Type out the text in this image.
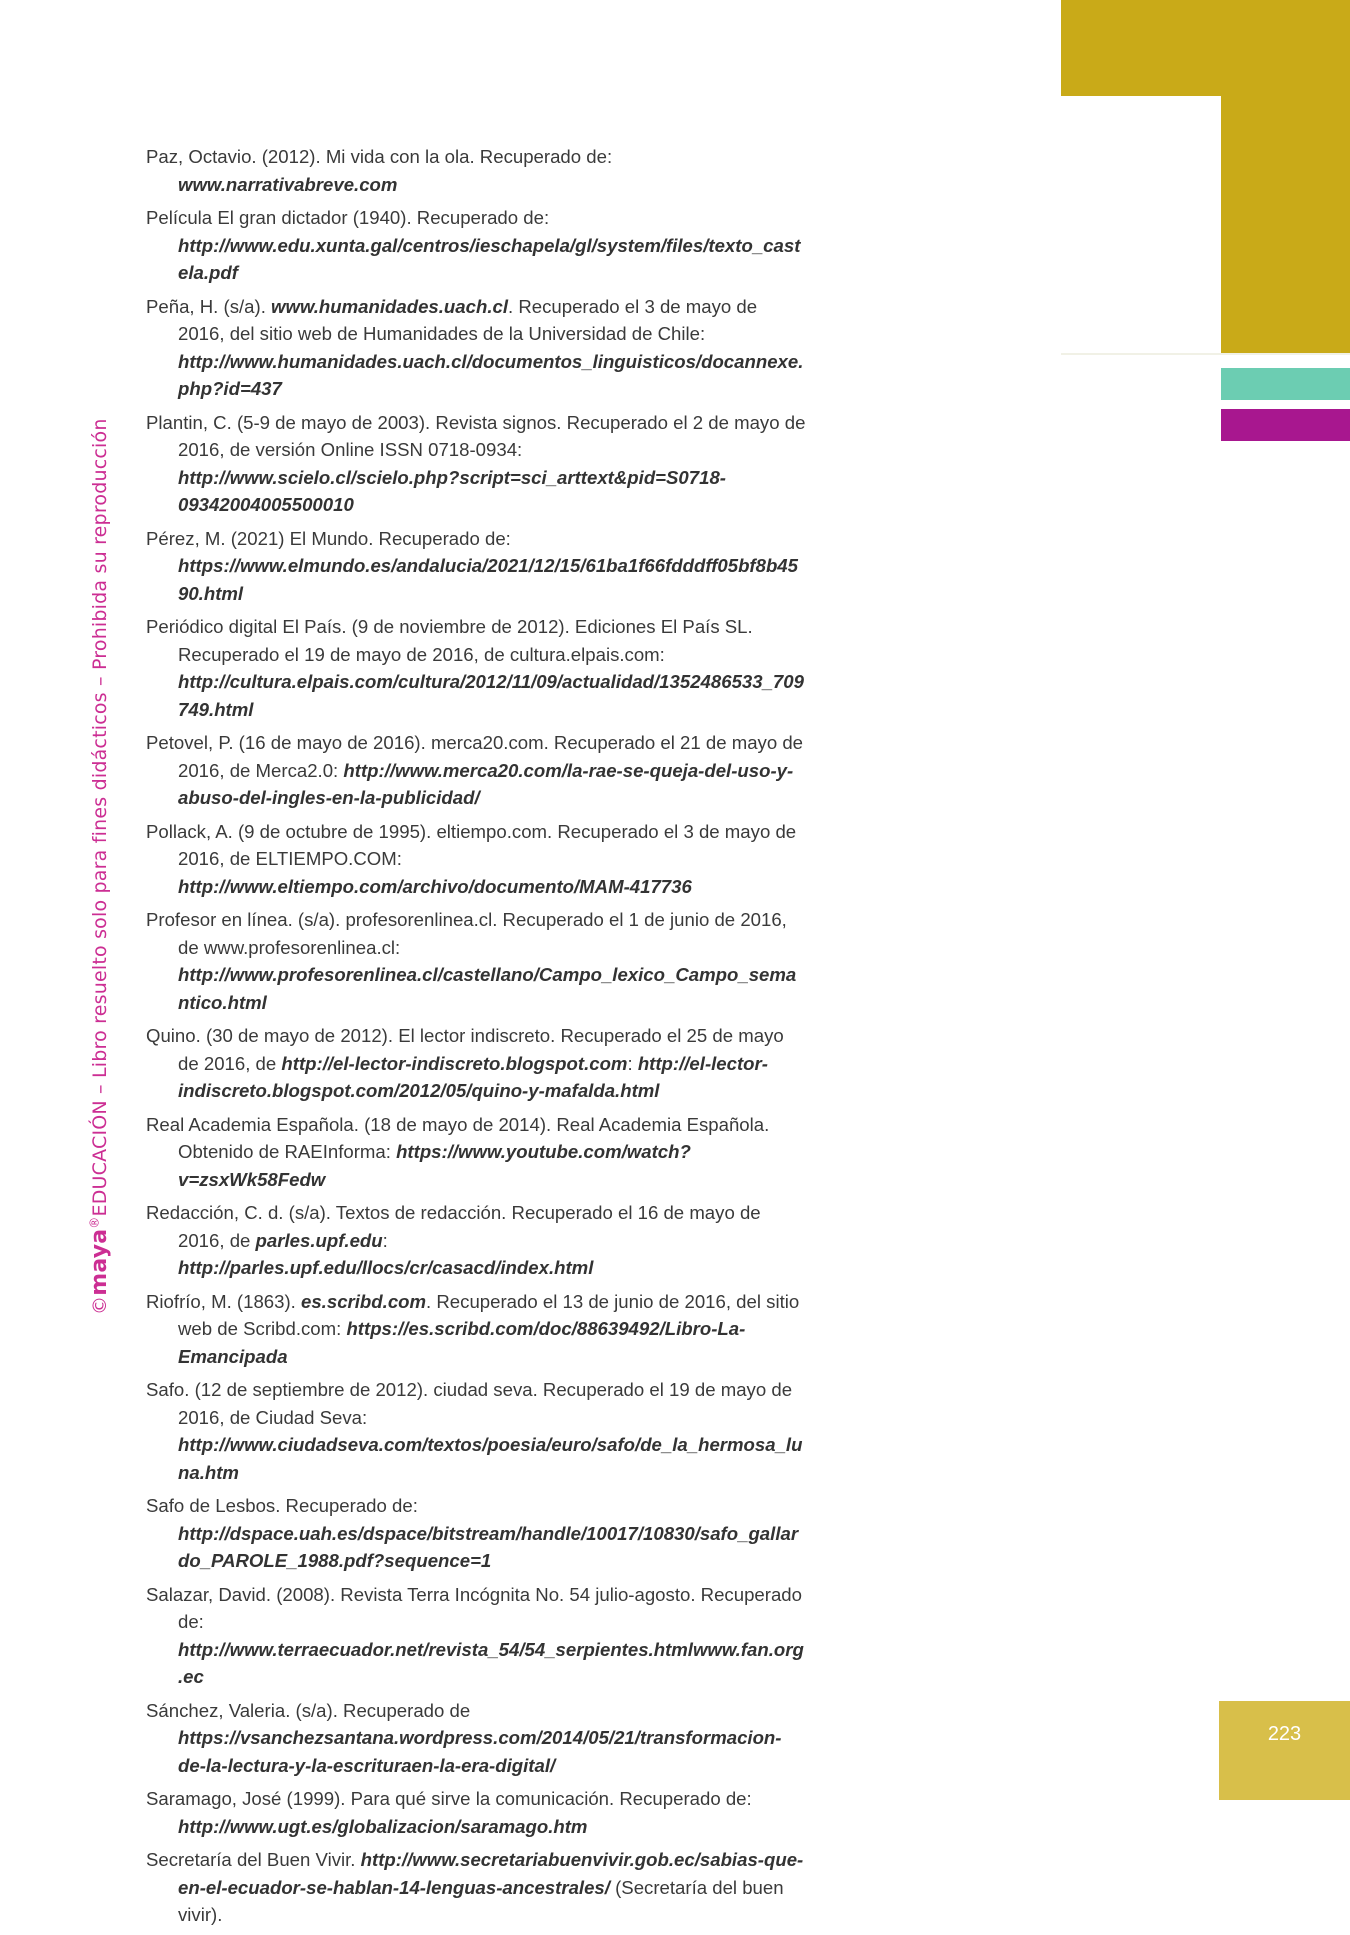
©maya®EDUCACIÓN – Libro resuelto solo para fines didácticos – Prohibida su reproducción

Paz, Octavio. (2012). Mi vida con la ola. Recuperado de: www.narrativabreve.com

Película El gran dictador (1940). Recuperado de: http://www.edu.xunta.gal/centros/ieschapela/gl/system/files/texto_castela.pdf

Peña, H. (s/a). www.humanidades.uach.cl. Recuperado el 3 de mayo de 2016, del sitio web de Humanidades de la Universidad de Chile: http://www.humanidades.uach.cl/documentos_linguisticos/docannexe.php?id=437

Plantin, C. (5-9 de mayo de 2003). Revista signos. Recuperado el 2 de mayo de 2016, de versión Online ISSN 0718-0934: http://www.scielo.cl/scielo.php?script=sci_arttext&pid=S0718-09342004005500010

Pérez, M. (2021) El Mundo. Recuperado de: https://www.elmundo.es/andalucia/2021/12/15/61ba1f66fdddff05bf8b4590.html

Periódico digital El País. (9 de noviembre de 2012). Ediciones El País SL. Recuperado el 19 de mayo de 2016, de cultura.elpais.com: http://cultura.elpais.com/cultura/2012/11/09/actualidad/1352486533_709749.html

Petovel, P. (16 de mayo de 2016). merca20.com. Recuperado el 21 de mayo de 2016, de Merca2.0: http://www.merca20.com/la-rae-se-queja-del-uso-y-abuso-del-ingles-en-la-publicidad/

Pollack, A. (9 de octubre de 1995). eltiempo.com. Recuperado el 3 de mayo de 2016, de ELTIEMPO.COM: http://www.eltiempo.com/archivo/documento/MAM-417736

Profesor en línea. (s/a). profesorenlinea.cl. Recuperado el 1 de junio de 2016, de www.profesorenlinea.cl: http://www.profesorenlinea.cl/castellano/Campo_lexico_Campo_semantico.html

Quino. (30 de mayo de 2012). El lector indiscreto. Recuperado el 25 de mayo de 2016, de http://el-lector-indiscreto.blogspot.com: http://el-lector-indiscreto.blogspot.com/2012/05/quino-y-mafalda.html

Real Academia Española. (18 de mayo de 2014). Real Academia Española. Obtenido de RAEInforma: https://www.youtube.com/watch?v=zsxWk58Fedw

Redacción, C. d. (s/a). Textos de redacción. Recuperado el 16 de mayo de 2016, de parles.upf.edu: http://parles.upf.edu/llocs/cr/casacd/index.html

Riofrío, M. (1863). es.scribd.com. Recuperado el 13 de junio de 2016, del sitio web de Scribd.com: https://es.scribd.com/doc/88639492/Libro-La-Emancipada

Safo. (12 de septiembre de 2012). ciudad seva. Recuperado el 19 de mayo de 2016, de Ciudad Seva: http://www.ciudadseva.com/textos/poesia/euro/safo/de_la_hermosa_luna.htm

Safo de Lesbos. Recuperado de: http://dspace.uah.es/dspace/bitstream/handle/10017/10830/safo_gallardo_PAROLE_1988.pdf?sequence=1

Salazar, David. (2008). Revista Terra Incógnita No. 54 julio-agosto. Recuperado de: http://www.terraecuador.net/revista_54/54_serpientes.htmlwww.fan.org.ec

Sánchez, Valeria. (s/a). Recuperado de https://vsanchezsantana.wordpress.com/2014/05/21/transformacion-de-la-lectura-y-la-escrituraen-la-era-digital/

Saramago, José (1999). Para qué sirve la comunicación. Recuperado de: http://www.ugt.es/globalizacion/saramago.htm

Secretaría del Buen Vivir. http://www.secretariabuenvivir.gob.ec/sabias-que-en-el-ecuador-se-hablan-14-lenguas-ancestrales/ (Secretaría del buen vivir).

223
